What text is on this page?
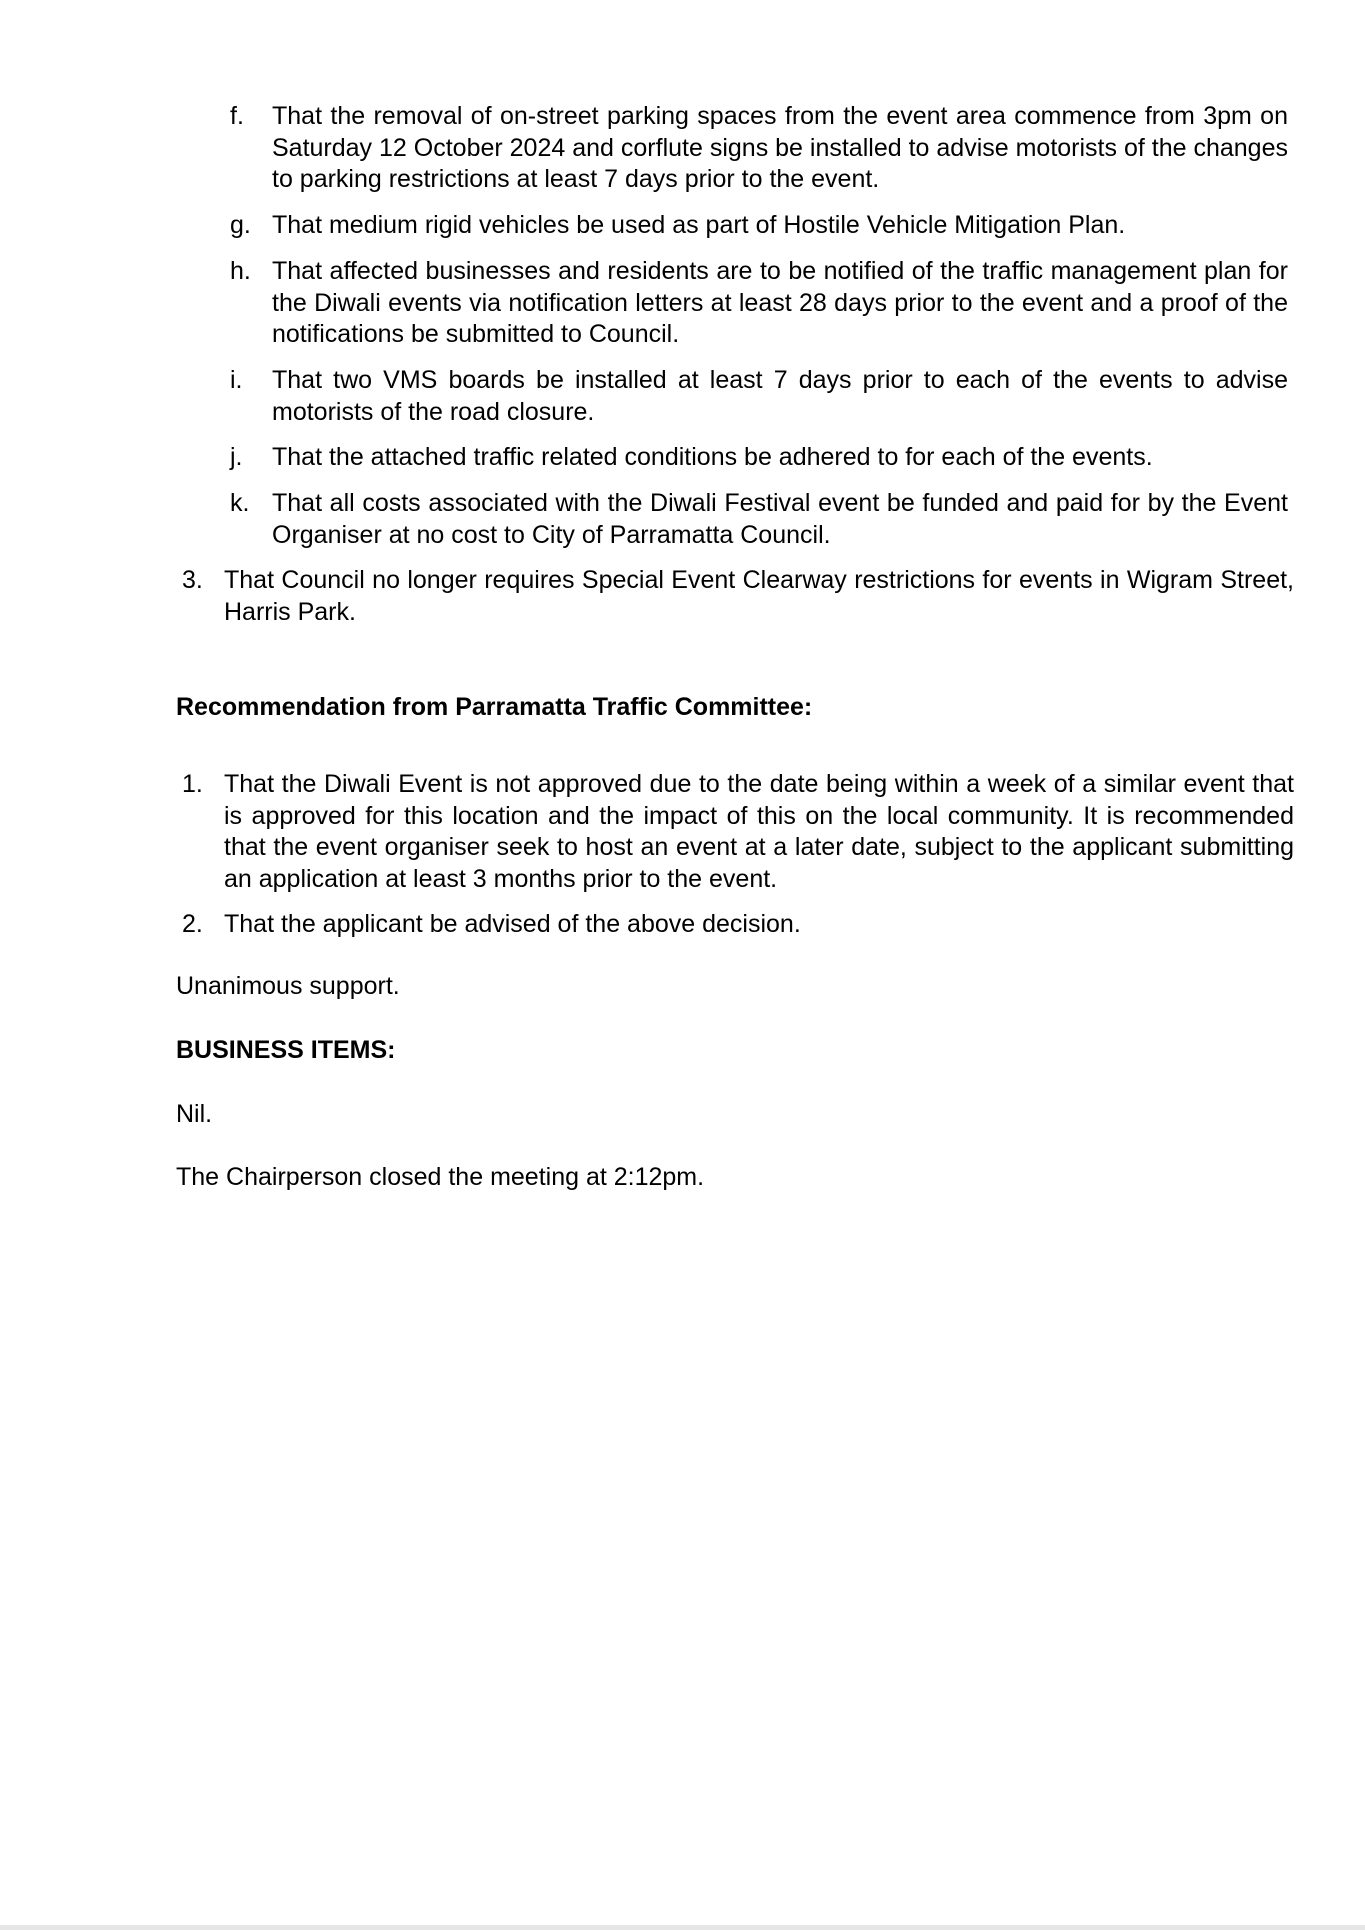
f. That the removal of on-street parking spaces from the event area commence from 3pm on Saturday 12 October 2024 and corflute signs be installed to advise motorists of the changes to parking restrictions at least 7 days prior to the event.
g. That medium rigid vehicles be used as part of Hostile Vehicle Mitigation Plan.
h. That affected businesses and residents are to be notified of the traffic management plan for the Diwali events via notification letters at least 28 days prior to the event and a proof of the notifications be submitted to Council.
i. That two VMS boards be installed at least 7 days prior to each of the events to advise motorists of the road closure.
j. That the attached traffic related conditions be adhered to for each of the events.
k. That all costs associated with the Diwali Festival event be funded and paid for by the Event Organiser at no cost to City of Parramatta Council.
3. That Council no longer requires Special Event Clearway restrictions for events in Wigram Street, Harris Park.

Recommendation from Parramatta Traffic Committee:

1. That the Diwali Event is not approved due to the date being within a week of a similar event that is approved for this location and the impact of this on the local community. It is recommended that the event organiser seek to host an event at a later date, subject to the applicant submitting an application at least 3 months prior to the event.
2. That the applicant be advised of the above decision.

Unanimous support.

BUSINESS ITEMS:

Nil.

The Chairperson closed the meeting at 2:12pm.
